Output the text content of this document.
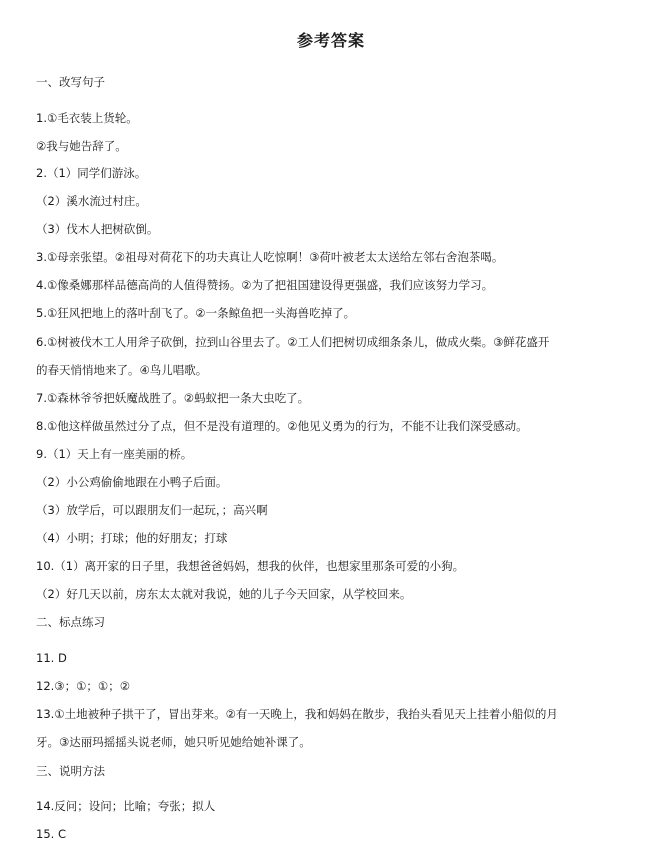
参考答案
一、改写句子
1.①毛衣装上货轮。
②我与她告辞了。
2.（1）同学们游泳。
（2）溪水流过村庄。
（3）伐木人把树砍倒。
3.①母亲张望。②祖母对荷花下的功夫真让人吃惊啊！③荷叶被老太太送给左邻右舍泡茶喝。
4.①像桑娜那样品德高尚的人值得赞扬。②为了把祖国建设得更强盛，我们应该努力学习。
5.①狂风把地上的落叶刮飞了。②一条鲸鱼把一头海兽吃掉了。
6.①树被伐木工人用斧子砍倒，拉到山谷里去了。②工人们把树切成细条条儿，做成火柴。③鲜花盛开
的春天悄悄地来了。④鸟儿唱歌。
7.①森林爷爷把妖魔战胜了。②蚂蚁把一条大虫吃了。
8.①他这样做虽然过分了点，但不是没有道理的。②他见义勇为的行为，不能不让我们深受感动。
9.（1）天上有一座美丽的桥。
（2）小公鸡偷偷地跟在小鸭子后面。
（3）放学后，可以跟朋友们一起玩，；高兴啊
（4）小明；打球；他的好朋友；打球
10.（1）离开家的日子里，我想爸爸妈妈，想我的伙伴，也想家里那条可爱的小狗。
（2）好几天以前，房东太太就对我说，她的儿子今天回家，从学校回来。
二、标点练习
11. D
12.③；①；①；②
13.①土地被种子拱干了，冒出芽来。②有一天晚上，我和妈妈在散步，我抬头看见天上挂着小船似的月
牙。③达丽玛摇摇头说老师，她只听见她给她补课了。
三、说明方法
14.反问；设问；比喻；夸张；拟人
15. C
